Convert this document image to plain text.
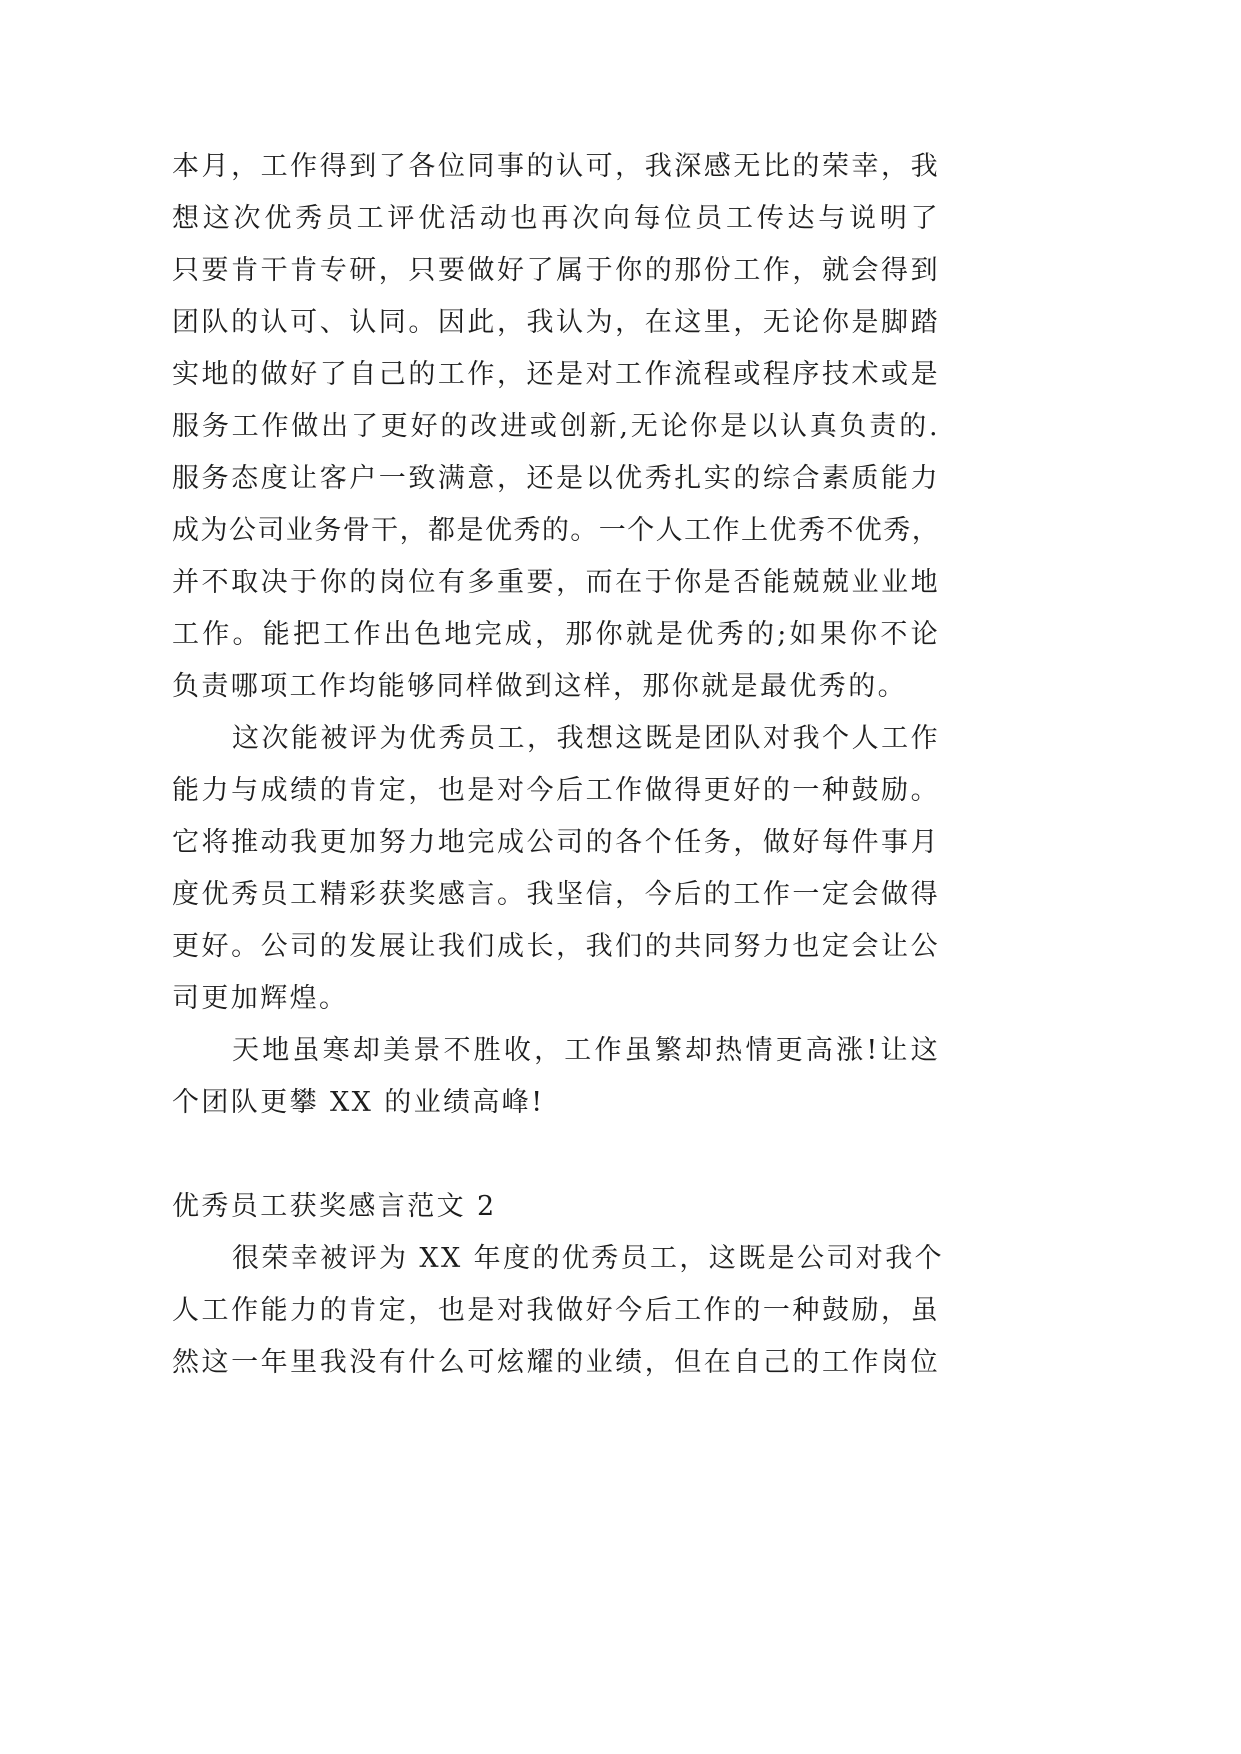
本月，工作得到了各位同事的认可，我深感无比的荣幸，我
想这次优秀员工评优活动也再次向每位员工传达与说明了
只要肯干肯专研，只要做好了属于你的那份工作，就会得到
团队的认可、认同。因此，我认为，在这里，无论你是脚踏
实地的做好了自己的工作，还是对工作流程或程序技术或是
服务工作做出了更好的改进或创新,无论你是以认真负责的.
服务态度让客户一致满意，还是以优秀扎实的综合素质能力
成为公司业务骨干，都是优秀的。一个人工作上优秀不优秀，
并不取决于你的岗位有多重要，而在于你是否能兢兢业业地
工作。能把工作出色地完成，那你就是优秀的;如果你不论
负责哪项工作均能够同样做到这样，那你就是最优秀的。
这次能被评为优秀员工，我想这既是团队对我个人工作
能力与成绩的肯定，也是对今后工作做得更好的一种鼓励。
它将推动我更加努力地完成公司的各个任务，做好每件事月
度优秀员工精彩获奖感言。我坚信，今后的工作一定会做得
更好。公司的发展让我们成长，我们的共同努力也定会让公
司更加辉煌。
天地虽寒却美景不胜收，工作虽繁却热情更高涨!让这
个团队更攀 XX 的业绩高峰!
优秀员工获奖感言范文 2
很荣幸被评为 XX 年度的优秀员工，这既是公司对我个
人工作能力的肯定，也是对我做好今后工作的一种鼓励，虽
然这一年里我没有什么可炫耀的业绩，但在自己的工作岗位
